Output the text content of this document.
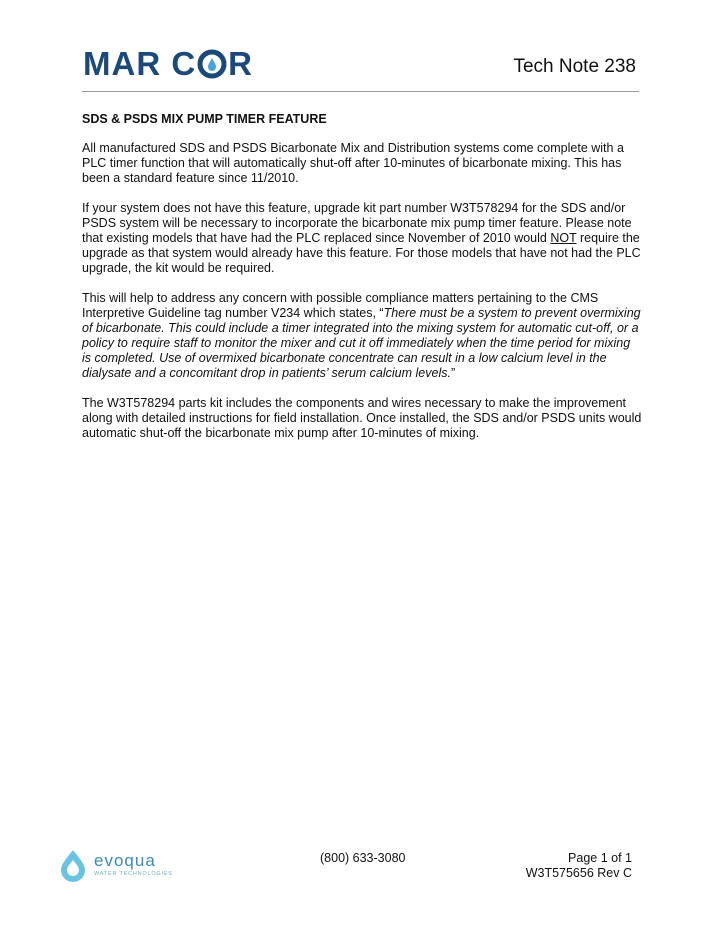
MAR C R	Tech Note 238

SDS & PSDS MIX PUMP TIMER FEATURE

All manufactured SDS and PSDS Bicarbonate Mix and Distribution systems come complete with a PLC timer function that will automatically shut-off after 10-minutes of bicarbonate mixing. This has been a standard feature since 11/2010.

If your system does not have this feature, upgrade kit part number W3T578294 for the SDS and/or PSDS system will be necessary to incorporate the bicarbonate mix pump timer feature. Please note that existing models that have had the PLC replaced since November of 2010 would NOT require the upgrade as that system would already have this feature. For those models that have not had the PLC upgrade, the kit would be required.

This will help to address any concern with possible compliance matters pertaining to the CMS Interpretive Guideline tag number V234 which states, “There must be a system to prevent overmixing of bicarbonate. This could include a timer integrated into the mixing system for automatic cut-off, or a policy to require staff to monitor the mixer and cut it off immediately when the time period for mixing is completed. Use of overmixed bicarbonate concentrate can result in a low calcium level in the dialysate and a concomitant drop in patients’ serum calcium levels.”

The W3T578294 parts kit includes the components and wires necessary to make the improvement along with detailed instructions for field installation. Once installed, the SDS and/or PSDS units would automatic shut-off the bicarbonate mix pump after 10-minutes of mixing.

evoqua
WATER TECHNOLOGIES
(800) 633-3080	Page 1 of 1
W3T575656 Rev C
